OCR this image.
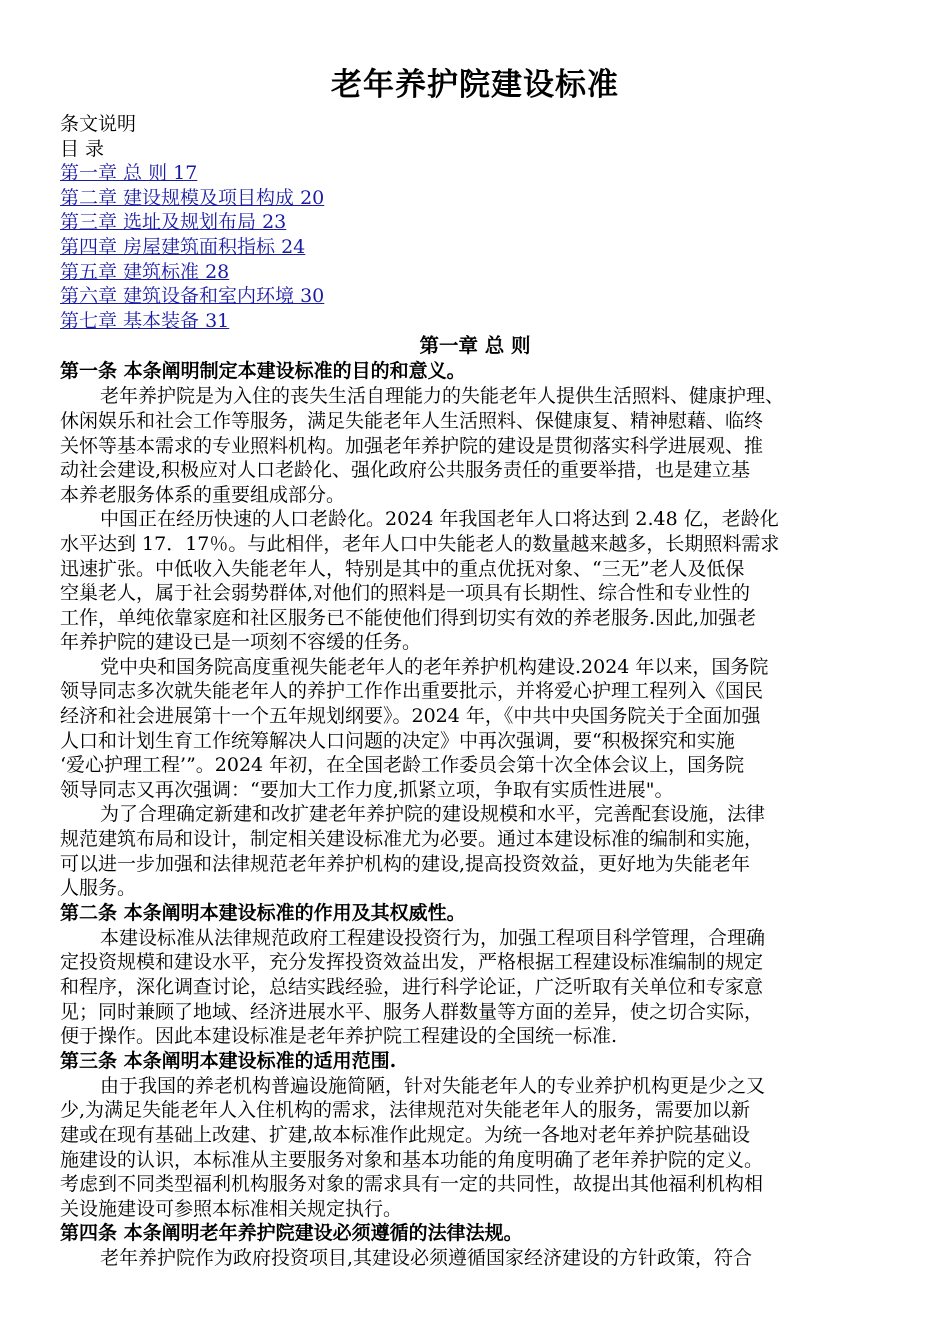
老年养护院建设标准
条文说明
目 录
第一章 总 则 17
第二章 建设规模及项目构成 20
第三章 选址及规划布局 23
第四章 房屋建筑面积指标 24
第五章 建筑标准 28
第六章 建筑设备和室内环境 30
第七章 基本装备 31
第一章 总 则
第一条 本条阐明制定本建设标准的目的和意义。
老年养护院是为入住的丧失生活自理能力的失能老年人提供生活照料、健康护理、
休闲娱乐和社会工作等服务，满足失能老年人生活照料、保健康复、精神慰藉、临终
关怀等基本需求的专业照料机构。加强老年养护院的建设是贯彻落实科学进展观、推
动社会建设,积极应对人口老龄化、强化政府公共服务责任的重要举措，也是建立基
本养老服务体系的重要组成部分。
中国正在经历快速的人口老龄化。2024 年我国老年人口将达到 2.48 亿，老龄化
水平达到 17．17％。与此相伴，老年人口中失能老人的数量越来越多，长期照料需求
迅速扩张。中低收入失能老年人，特别是其中的重点优抚对象、“三无”老人及低保
空巢老人，属于社会弱势群体,对他们的照料是一项具有长期性、综合性和专业性的
工作，单纯依靠家庭和社区服务已不能使他们得到切实有效的养老服务.因此,加强老
年养护院的建设已是一项刻不容缓的任务。
党中央和国务院高度重视失能老年人的老年养护机构建设.2024 年以来，国务院
领导同志多次就失能老年人的养护工作作出重要批示，并将爱心护理工程列入《国民
经济和社会进展第十一个五年规划纲要》。2024 年，《中共中央国务院关于全面加强
人口和计划生育工作统筹解决人口问题的决定》中再次强调，要“积极探究和实施
‘爱心护理工程’”。2024 年初，在全国老龄工作委员会第十次全体会议上，国务院
领导同志又再次强调：“要加大工作力度,抓紧立项，争取有实质性进展"。
为了合理确定新建和改扩建老年养护院的建设规模和水平，完善配套设施，法律
规范建筑布局和设计，制定相关建设标准尤为必要。通过本建设标准的编制和实施，
可以进一步加强和法律规范老年养护机构的建设,提高投资效益，更好地为失能老年
人服务。
第二条 本条阐明本建设标准的作用及其权威性。
本建设标准从法律规范政府工程建设投资行为，加强工程项目科学管理，合理确
定投资规模和建设水平，充分发挥投资效益出发，严格根据工程建设标准编制的规定
和程序，深化调查讨论，总结实践经验，进行科学论证，广泛听取有关单位和专家意
见；同时兼顾了地域、经济进展水平、服务人群数量等方面的差异，使之切合实际，
便于操作。因此本建设标准是老年养护院工程建设的全国统一标准.
第三条 本条阐明本建设标准的适用范围.
由于我国的养老机构普遍设施简陋，针对失能老年人的专业养护机构更是少之又
少,为满足失能老年人入住机构的需求，法律规范对失能老年人的服务，需要加以新
建或在现有基础上改建、扩建,故本标准作此规定。为统一各地对老年养护院基础设
施建设的认识，本标准从主要服务对象和基本功能的角度明确了老年养护院的定义。
考虑到不同类型福利机构服务对象的需求具有一定的共同性，故提出其他福利机构相
关设施建设可参照本标准相关规定执行。
第四条 本条阐明老年养护院建设必须遵循的法律法规。
老年养护院作为政府投资项目,其建设必须遵循国家经济建设的方针政策，符合
